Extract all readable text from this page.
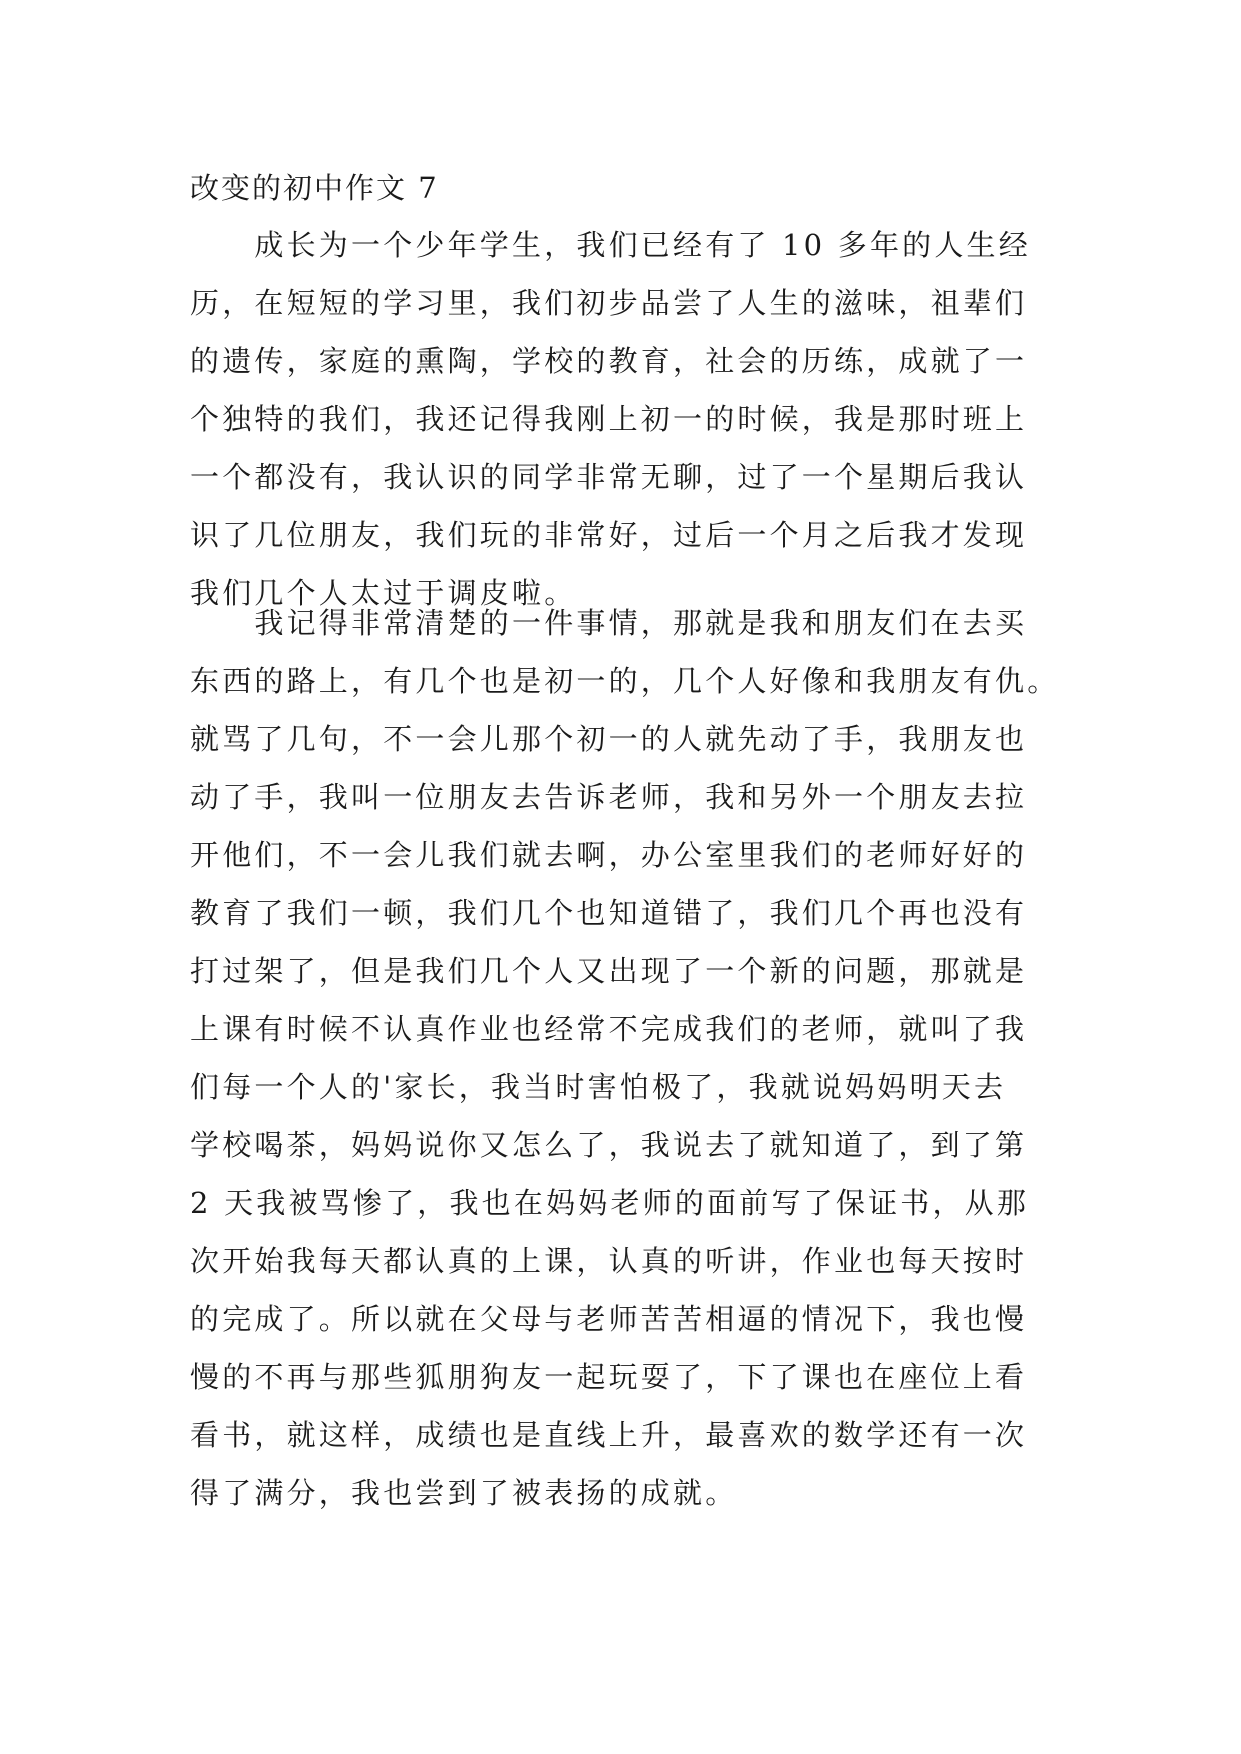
改变的初中作文 7
　　成长为一个少年学生，我们已经有了 10 多年的人生经
历，在短短的学习里，我们初步品尝了人生的滋味，祖辈们
的遗传，家庭的熏陶，学校的教育，社会的历练，成就了一
个独特的我们，我还记得我刚上初一的时候，我是那时班上
一个都没有，我认识的同学非常无聊，过了一个星期后我认
识了几位朋友，我们玩的非常好，过后一个月之后我才发现
我们几个人太过于调皮啦。
　　我记得非常清楚的一件事情，那就是我和朋友们在去买
东西的路上，有几个也是初一的，几个人好像和我朋友有仇。
就骂了几句，不一会儿那个初一的人就先动了手，我朋友也
动了手，我叫一位朋友去告诉老师，我和另外一个朋友去拉
开他们，不一会儿我们就去啊，办公室里我们的老师好好的
教育了我们一顿，我们几个也知道错了，我们几个再也没有
打过架了，但是我们几个人又出现了一个新的问题，那就是
上课有时候不认真作业也经常不完成我们的老师，就叫了我
们每一个人的'家长，我当时害怕极了，我就说妈妈明天去
学校喝茶，妈妈说你又怎么了，我说去了就知道了，到了第
2 天我被骂惨了，我也在妈妈老师的面前写了保证书，从那
次开始我每天都认真的上课，认真的听讲，作业也每天按时
的完成了。所以就在父母与老师苦苦相逼的情况下，我也慢
慢的不再与那些狐朋狗友一起玩耍了，下了课也在座位上看
看书，就这样，成绩也是直线上升，最喜欢的数学还有一次
得了满分，我也尝到了被表扬的成就。
